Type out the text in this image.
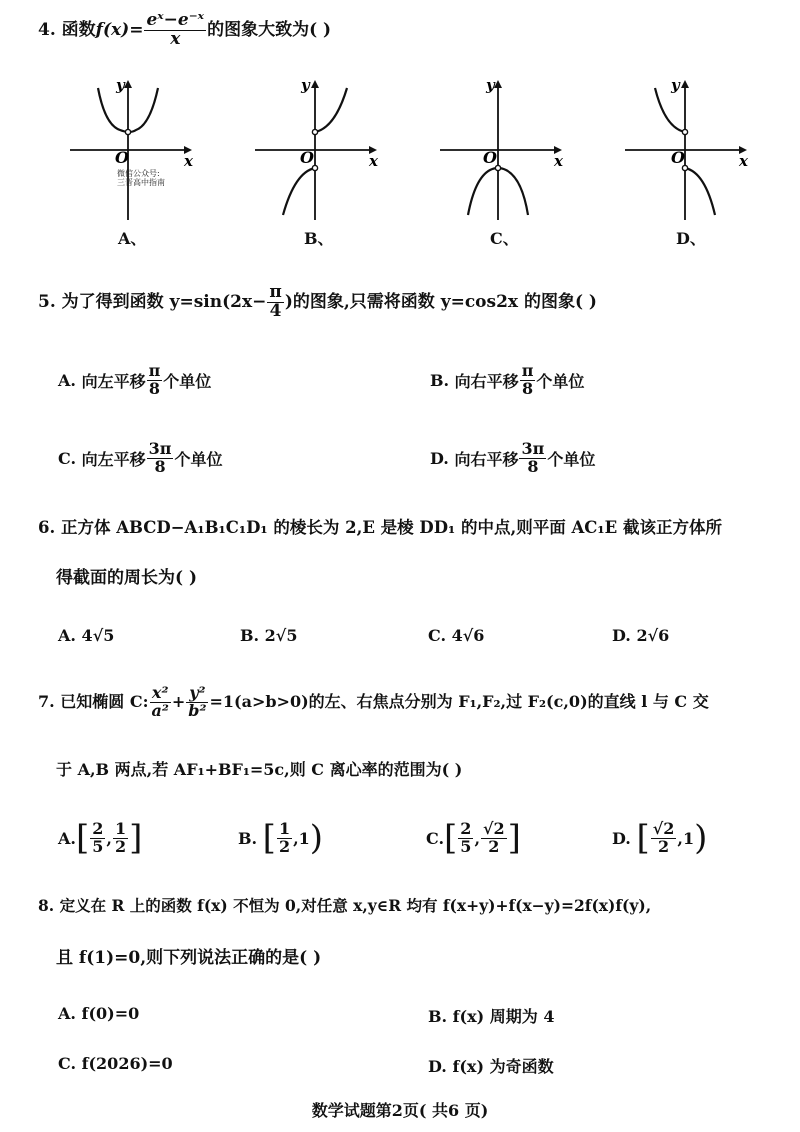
4.
函数 $f(x)= \frac{\text{eˣ−e⁻ˣ}}{x}$ 的图象大致为( )
O	x
y
微信公众号:
三晋高中指南
A、
O	x
y
B、
O	x
y
C、
O	x
y
D、
5.
为了得到函数 $y=\sin(2x- \frac{\pi}{4}$ )的图象,只需将函数 y=cos2x 的图象( )
A.
向左平移 $\frac{\pi}{8}$ 个单位	B.
向右平移 $\frac{\pi}{8}$ 个单位
C.
向左平移 $\frac{3\pi}{8}$ 个单位	D.
向右平移 $\frac{3\pi}{8}$ 个单位
6. 正方体 ABCD−A₁B₁C₁D₁ 的棱长为 2,E 是棱 DD₁ 的中点,则平面 AC₁E 截该正方体所
得截面的周长为( )
A. 4√5	B. 2√5	C. 4√6	D. 2√6
7.
已知椭圆 C: $\frac{\text{x²}}{\text{a²}} + \frac{\text{y²}}{\text{b²}} =1(a>b>0)$的左、右焦点分别为 F₁,F₂,过 F₂(c,0)的直线 l 与 C 交
于 A,B 两点,若 AF₁+BF₁=5c,则 C 离心率的范围为( )
A. [ $\frac{2}{5}$ , $\frac{1}{2}$ ]	B.
[ $\frac{1}{2}$ , 1 )	C. [ $\frac{2}{5}$ , $\frac{√2}{2}$ ]	D.
[ $\frac{√2}{2}$ , 1 )
8. 定义在 R 上的函数 f(x) 不恒为 0,对任意 x,y∈R 均有 f(x+y)+f(x−y)=2f(x)f(y),
且 f(1)=0,则下列说法正确的是( )
A. f(0)=0	B. f(x) 周期为 4
C. f(2026)=0	D. f(x) 为奇函数
数学试题第2页( 共6 页)
